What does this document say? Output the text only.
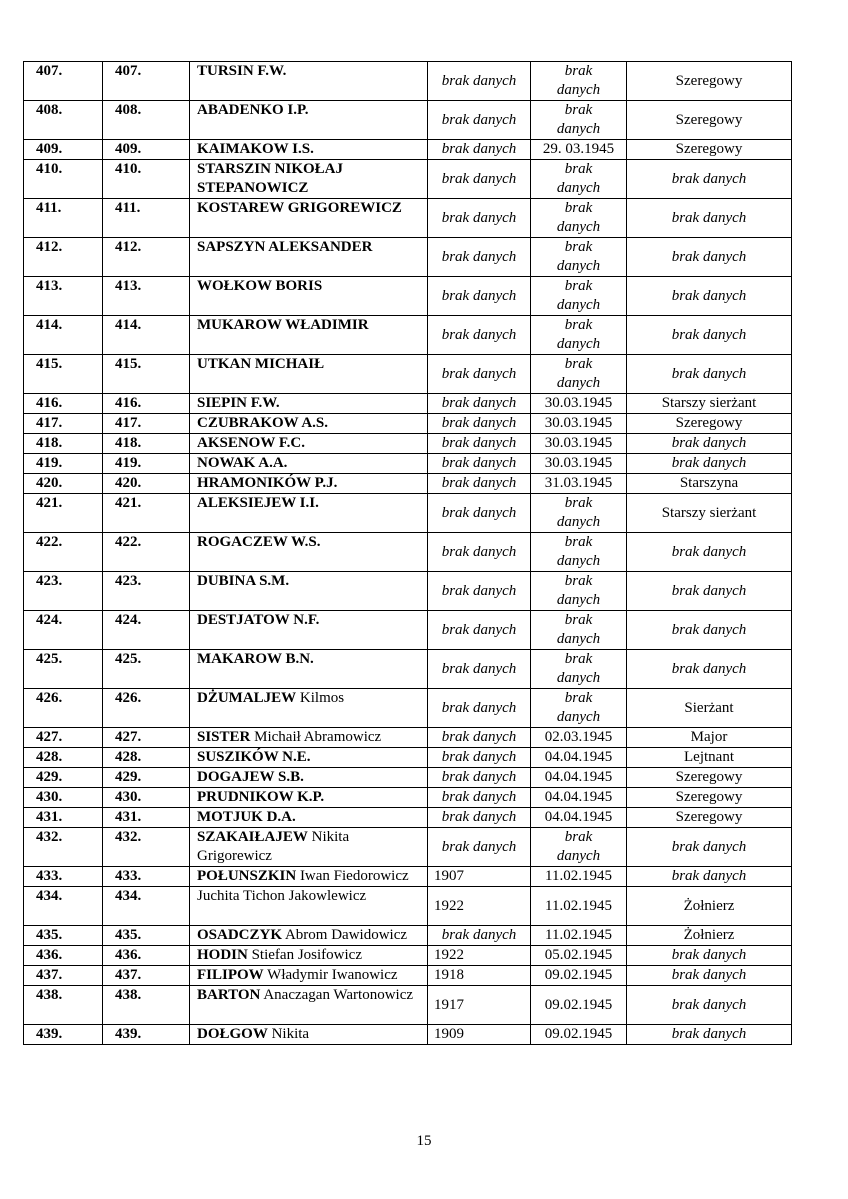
407.	407.	TURSIN F.W.	brak danych	brak danych	Szeregowy
408.	408.	ABADENKO I.P.	brak danych	brak danych	Szeregowy
409.	409.	KAIMAKOW I.S.	brak danych	29. 03.1945	Szeregowy
410.	410.	STARSZIN NIKOŁAJ STEPANOWICZ	brak danych	brak danych	brak danych
411.	411.	KOSTAREW GRIGOREWICZ	brak danych	brak danych	brak danych
412.	412.	SAPSZYN ALEKSANDER	brak danych	brak danych	brak danych
413.	413.	WOŁKOW BORIS	brak danych	brak danych	brak danych
414.	414.	MUKAROW WŁADIMIR	brak danych	brak danych	brak danych
415.	415.	UTKAN MICHAIŁ	brak danych	brak danych	brak danych
416.	416.	SIEPIN F.W.	brak danych	30.03.1945	Starszy sierżant
417.	417.	CZUBRAKOW A.S.	brak danych	30.03.1945	Szeregowy
418.	418.	AKSENOW F.C.	brak danych	30.03.1945	brak danych
419.	419.	NOWAK A.A.	brak danych	30.03.1945	brak danych
420.	420.	HRAMONIKÓW P.J.	brak danych	31.03.1945	Starszyna
421.	421.	ALEKSIEJEW I.I.	brak danych	brak danych	Starszy sierżant
422.	422.	ROGACZEW W.S.	brak danych	brak danych	brak danych
423.	423.	DUBINA S.M.	brak danych	brak danych	brak danych
424.	424.	DESTJATOW N.F.	brak danych	brak danych	brak danych
425.	425.	MAKAROW B.N.	brak danych	brak danych	brak danych
426.	426.	DŻUMALJEW Kilmos	brak danych	brak danych	Sierżant
427.	427.	SISTER Michaił Abramowicz	brak danych	02.03.1945	Major
428.	428.	SUSZIKÓW N.E.	brak danych	04.04.1945	Lejtnant
429.	429.	DOGAJEW S.B.	brak danych	04.04.1945	Szeregowy
430.	430.	PRUDNIKOW K.P.	brak danych	04.04.1945	Szeregowy
431.	431.	MOTJUK D.A.	brak danych	04.04.1945	Szeregowy
432.	432.	SZAKAIŁAJEW Nikita Grigorewicz	brak danych	brak danych	brak danych
433.	433.	POŁUNSZKIN Iwan Fiedorowicz	1907	11.02.1945	brak danych
434.	434.	Juchita Tichon Jakowlewicz	1922	11.02.1945	Żołnierz
435.	435.	OSADCZYK Abrom Dawidowicz	brak danych	11.02.1945	Żołnierz
436.	436.	HODIN Stiefan Josifowicz	1922	05.02.1945	brak danych
437.	437.	FILIPOW Władymir Iwanowicz	1918	09.02.1945	brak danych
438.	438.	BARTON Anaczagan Wartonowicz	1917	09.02.1945	brak danych
439.	439.	DOŁGOW Nikita	1909	09.02.1945	brak danych
15
